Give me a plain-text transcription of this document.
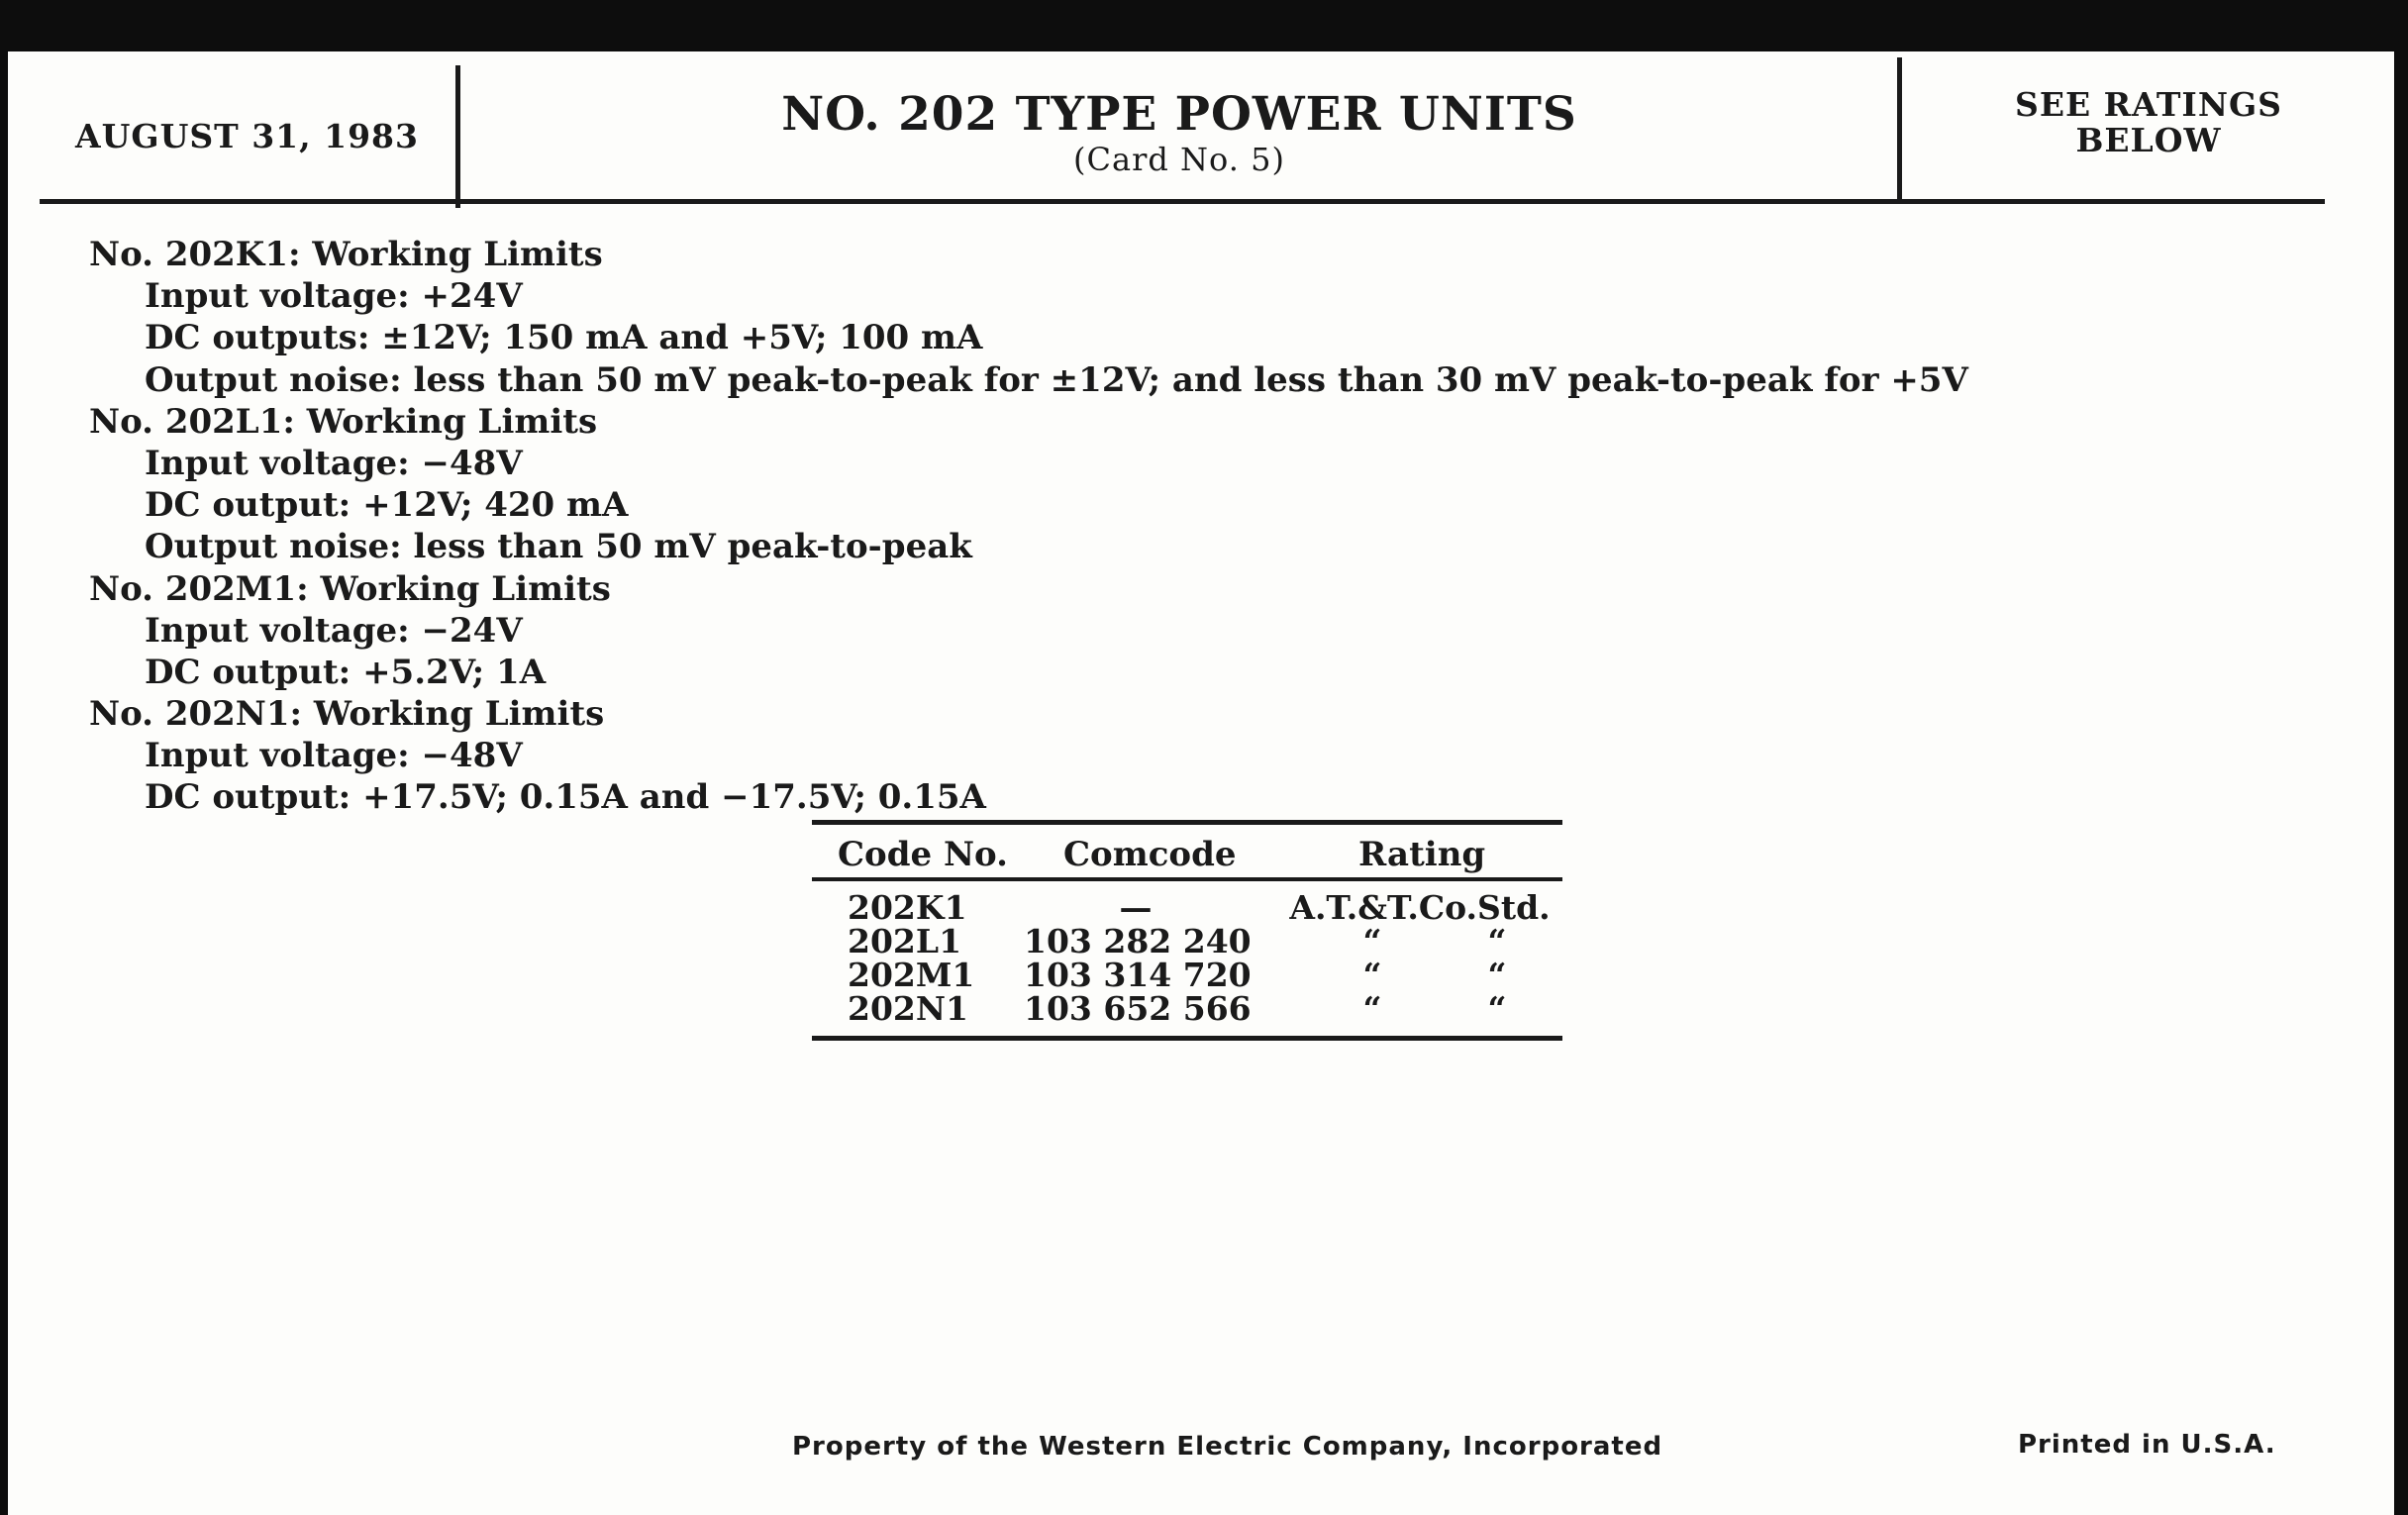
AUGUST 31, 1983	NO. 202 TYPE POWER UNITS
(Card No. 5)
SEE RATINGS
BELOW
No. 202K1: Working Limits
Input voltage: +24V
DC outputs: ±12V; 150 mA and +5V; 100 mA
Output noise: less than 50 mV peak-to-peak for ±12V; and less than 30 mV peak-to-peak for +5V
No. 202L1: Working Limits
Input voltage: −48V
DC output: +12V; 420 mA
Output noise: less than 50 mV peak-to-peak
No. 202M1: Working Limits
Input voltage: −24V
DC output: +5.2V; 1A
No. 202N1: Working Limits
Input voltage: −48V
DC output: +17.5V; 0.15A and −17.5V; 0.15A
Code No. Comcode	Rating
202K1	—	A.T.&T.Co.Std.
202L1 103 282 240	“	“
202M1 103 314 720	“	“
202N1 103 652 566	“	“
Property of the Western Electric Company, Incorporated	Printed in U.S.A.
